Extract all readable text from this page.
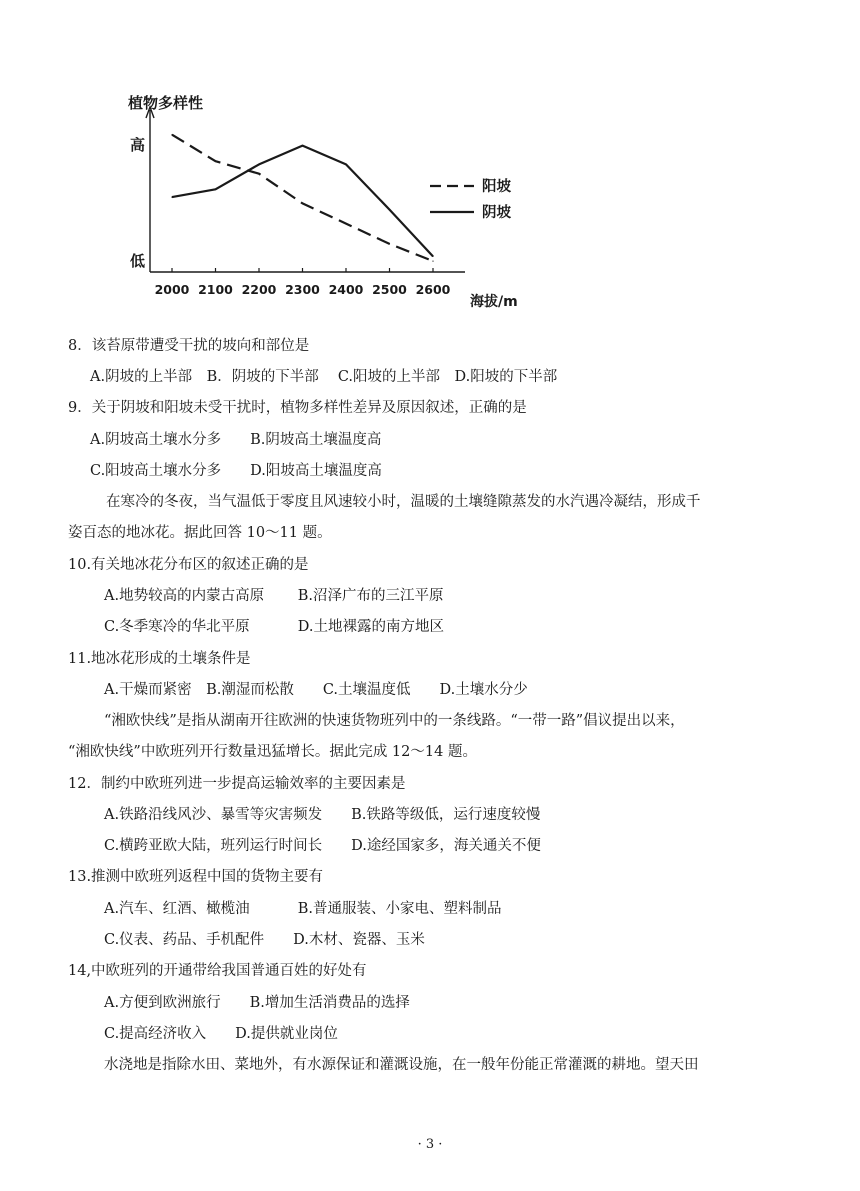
植物多样性
高
低
海拔/m
2000 2100 2200 2300 2400 2500 2600
阳坡
阴坡
8．该苔原带遭受干扰的坡向和部位是
A.阴坡的上半部　B．阴坡的下半部　 C.阳坡的上半部　D.阳坡的下半部
9．关于阴坡和阳坡未受干扰时，植物多样性差异及原因叙述，正确的是
A.阴坡高土壤水分多　　B.阴坡高土壤温度高
C.阳坡高土壤水分多　　D.阳坡高土壤温度高
在寒冷的冬夜，当气温低于零度且风速较小时，温暖的土壤缝隙蒸发的水汽遇冷凝结，形成千
姿百态的地冰花。据此回答 10～11 题。
10.有关地冰花分布区的叙述正确的是
A.地势较高的内蒙古高原　　 B.沼泽广布的三江平原
C.冬季寒冷的华北平原　　　 D.土地裸露的南方地区
11.地冰花形成的土壤条件是
A.干燥而紧密　B.潮湿而松散　　C.土壤温度低　　D.土壤水分少
“湘欧快线”是指从湖南开往欧洲的快速货物班列中的一条线路。“一带一路”倡议提出以来，
“湘欧快线”中欧班列开行数量迅猛增长。据此完成 12～14 题。
12．制约中欧班列进一步提高运输效率的主要因素是
A.铁路沿线风沙、暴雪等灾害频发　　B.铁路等级低，运行速度较慢
C.横跨亚欧大陆，班列运行时间长　　D.途经国家多，海关通关不便
13.推测中欧班列返程中国的货物主要有
A.汽车、红酒、橄榄油　　　 B.普通服装、小家电、塑料制品
C.仪表、药品、手机配件　　D.木材、瓷器、玉米
14,中欧班列的开通带给我国普通百姓的好处有
A.方便到欧洲旅行　　B.增加生活消费品的选择
C.提高经济收入　　D.提供就业岗位
水浇地是指除水田、菜地外，有水源保证和灌溉设施，在一般年份能正常灌溉的耕地。望天田
· 3 ·
